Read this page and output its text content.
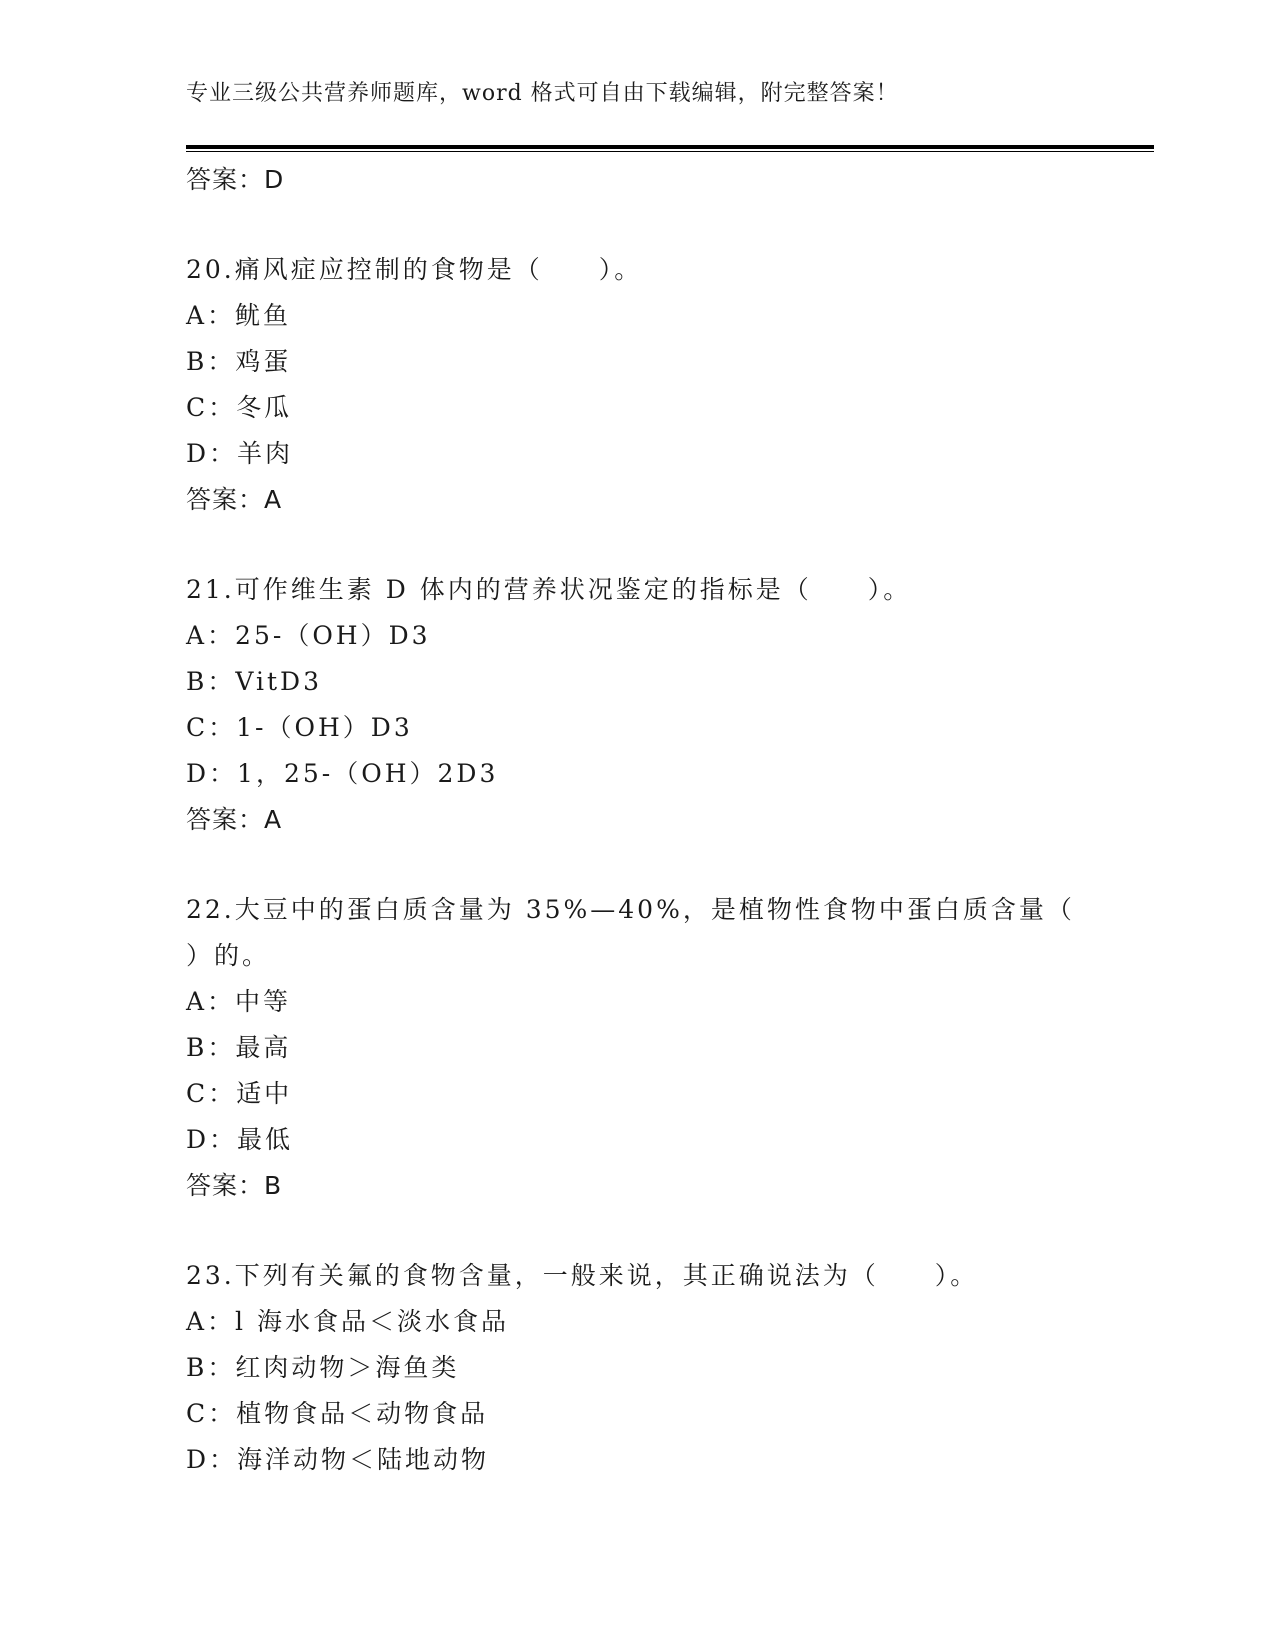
专业三级公共营养师题库，word 格式可自由下载编辑，附完整答案！
答案：D
20.痛风症应控制的食物是（　　）。
A：鱿鱼
B：鸡蛋
C：冬瓜
D：羊肉
答案：A
21.可作维生素 D 体内的营养状况鉴定的指标是（　　）。
A：25-（OH）D3
B：VitD3
C：1-（OH）D3
D：1，25-（OH）2D3
答案：A
22.大豆中的蛋白质含量为 35%—40%，是植物性食物中蛋白质含量（
）的。
A：中等
B：最高
C：适中
D：最低
答案：B
23.下列有关氟的食物含量，一般来说，其正确说法为（　　）。
A：l 海水食品＜淡水食品
B：红肉动物＞海鱼类
C：植物食品＜动物食品
D：海洋动物＜陆地动物
